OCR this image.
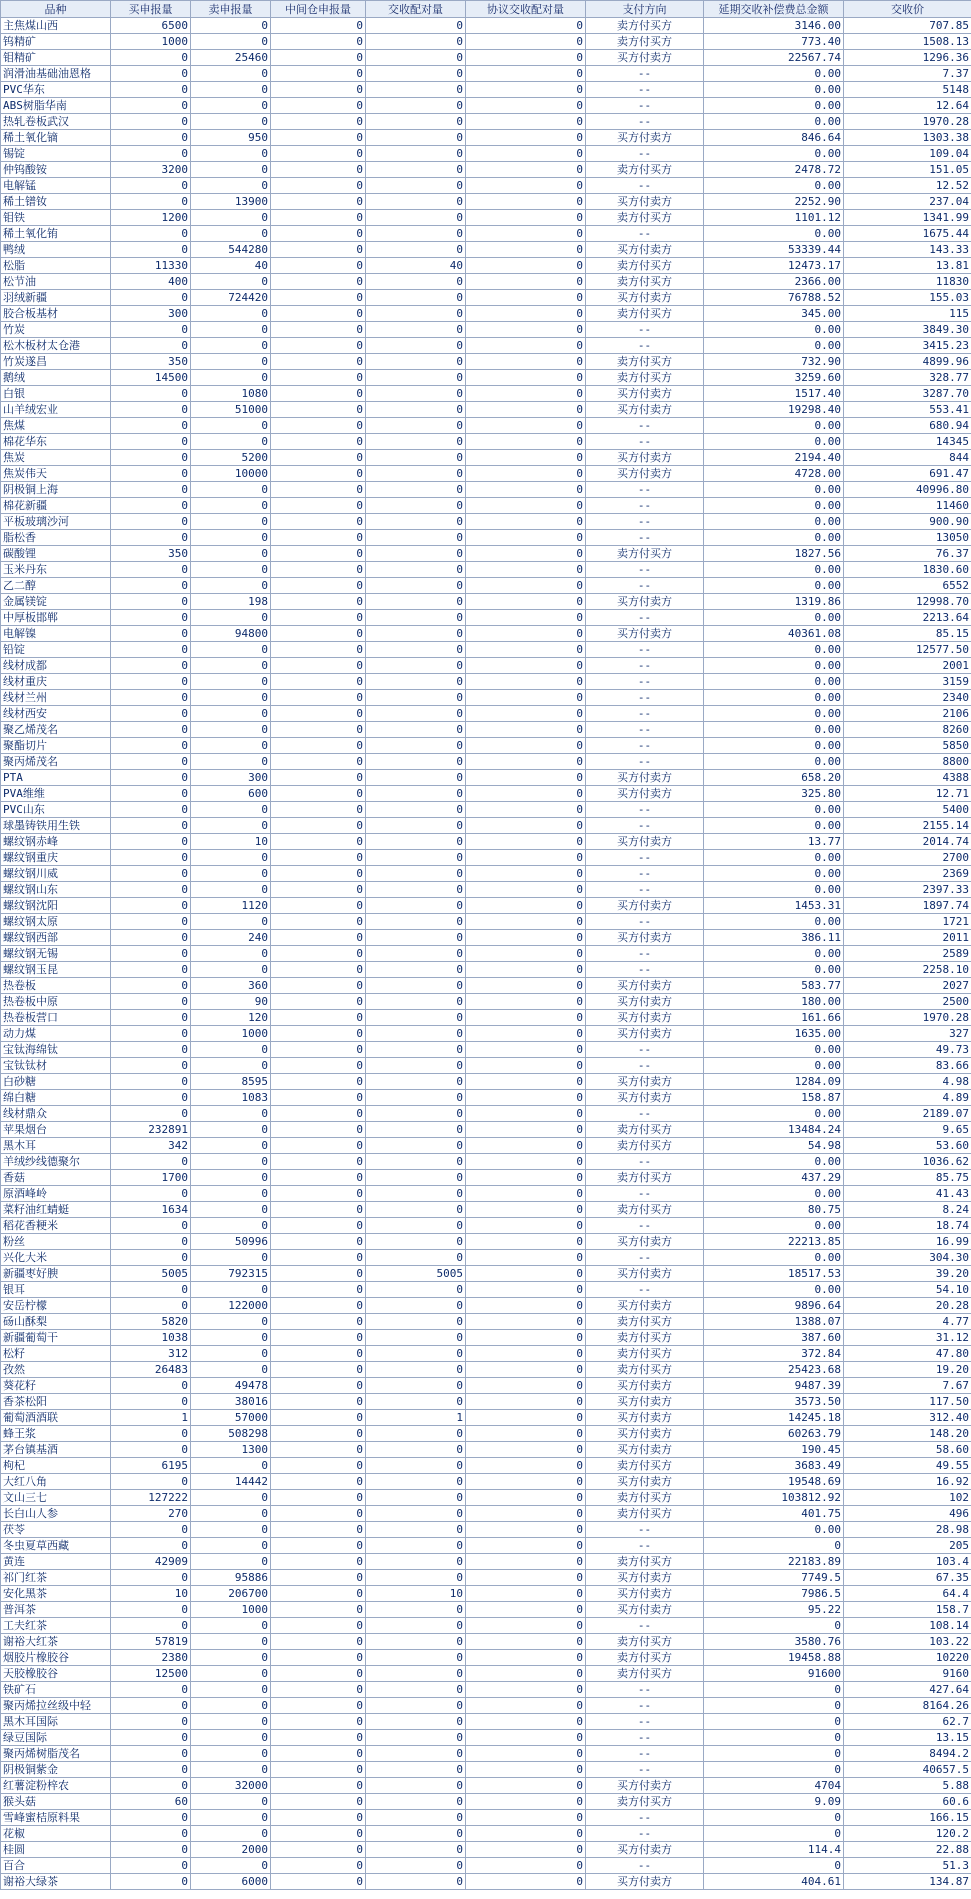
品种	买申报量	卖申报量	中间仓申报量	交收配对量	协议交收配对量	支付方向	延期交收补偿费总金额	交收价
主焦煤山西	6500	0	0	0	0	卖方付买方	3146.00	707.85
钨精矿	1000	0	0	0	0	卖方付买方	773.40	1508.13
钼精矿	0	25460	0	0	0	买方付卖方	22567.74	1296.36
润滑油基础油恩格	0	0	0	0	0	--	0.00	7.37
PVC华东	0	0	0	0	0	--	0.00	5148
ABS树脂华南	0	0	0	0	0	--	0.00	12.64
热轧卷板武汉	0	0	0	0	0	--	0.00	1970.28
稀土氧化镝	0	950	0	0	0	买方付卖方	846.64	1303.38
锡锭	0	0	0	0	0	--	0.00	109.04
仲钨酸铵	3200	0	0	0	0	卖方付买方	2478.72	151.05
电解锰	0	0	0	0	0	--	0.00	12.52
稀土镨钕	0	13900	0	0	0	买方付卖方	2252.90	237.04
钼铁	1200	0	0	0	0	卖方付买方	1101.12	1341.99
稀土氧化铕	0	0	0	0	0	--	0.00	1675.44
鸭绒	0	544280	0	0	0	买方付卖方	53339.44	143.33
松脂	11330	40	0	40	0	卖方付买方	12473.17	13.81
松节油	400	0	0	0	0	卖方付买方	2366.00	11830
羽绒新疆	0	724420	0	0	0	买方付卖方	76788.52	155.03
胶合板基材	300	0	0	0	0	卖方付买方	345.00	115
竹炭	0	0	0	0	0	--	0.00	3849.30
松木板材太仓港	0	0	0	0	0	--	0.00	3415.23
竹炭遂昌	350	0	0	0	0	卖方付买方	732.90	4899.96
鹅绒	14500	0	0	0	0	卖方付买方	3259.60	328.77
白银	0	1080	0	0	0	买方付卖方	1517.40	3287.70
山羊绒宏业	0	51000	0	0	0	买方付卖方	19298.40	553.41
焦煤	0	0	0	0	0	--	0.00	680.94
棉花华东	0	0	0	0	0	--	0.00	14345
焦炭	0	5200	0	0	0	买方付卖方	2194.40	844
焦炭伟天	0	10000	0	0	0	买方付卖方	4728.00	691.47
阴极铜上海	0	0	0	0	0	--	0.00	40996.80
棉花新疆	0	0	0	0	0	--	0.00	11460
平板玻璃沙河	0	0	0	0	0	--	0.00	900.90
脂松香	0	0	0	0	0	--	0.00	13050
碳酸锂	350	0	0	0	0	卖方付买方	1827.56	76.37
玉米丹东	0	0	0	0	0	--	0.00	1830.60
乙二醇	0	0	0	0	0	--	0.00	6552
金属镁锭	0	198	0	0	0	买方付卖方	1319.86	12998.70
中厚板邯郸	0	0	0	0	0	--	0.00	2213.64
电解镍	0	94800	0	0	0	买方付卖方	40361.08	85.15
铅锭	0	0	0	0	0	--	0.00	12577.50
线材成都	0	0	0	0	0	--	0.00	2001
线材重庆	0	0	0	0	0	--	0.00	3159
线材兰州	0	0	0	0	0	--	0.00	2340
线材西安	0	0	0	0	0	--	0.00	2106
聚乙烯茂名	0	0	0	0	0	--	0.00	8260
聚酯切片	0	0	0	0	0	--	0.00	5850
聚丙烯茂名	0	0	0	0	0	--	0.00	8800
PTA	0	300	0	0	0	买方付卖方	658.20	4388
PVA维维	0	600	0	0	0	买方付卖方	325.80	12.71
PVC山东	0	0	0	0	0	--	0.00	5400
球墨铸铁用生铁	0	0	0	0	0	--	0.00	2155.14
螺纹钢赤峰	0	10	0	0	0	买方付卖方	13.77	2014.74
螺纹钢重庆	0	0	0	0	0	--	0.00	2700
螺纹钢川威	0	0	0	0	0	--	0.00	2369
螺纹钢山东	0	0	0	0	0	--	0.00	2397.33
螺纹钢沈阳	0	1120	0	0	0	买方付卖方	1453.31	1897.74
螺纹钢太原	0	0	0	0	0	--	0.00	1721
螺纹钢西部	0	240	0	0	0	买方付卖方	386.11	2011
螺纹钢无锡	0	0	0	0	0	--	0.00	2589
螺纹钢玉昆	0	0	0	0	0	--	0.00	2258.10
热卷板	0	360	0	0	0	买方付卖方	583.77	2027
热卷板中原	0	90	0	0	0	买方付卖方	180.00	2500
热卷板营口	0	120	0	0	0	买方付卖方	161.66	1970.28
动力煤	0	1000	0	0	0	买方付卖方	1635.00	327
宝钛海绵钛	0	0	0	0	0	--	0.00	49.73
宝钛钛材	0	0	0	0	0	--	0.00	83.66
白砂糖	0	8595	0	0	0	买方付卖方	1284.09	4.98
绵白糖	0	1083	0	0	0	买方付卖方	158.87	4.89
线材鼎众	0	0	0	0	0	--	0.00	2189.07
苹果烟台	232891	0	0	0	0	卖方付买方	13484.24	9.65
黑木耳	342	0	0	0	0	卖方付买方	54.98	53.60
羊绒纱线德聚尔	0	0	0	0	0	--	0.00	1036.62
香菇	1700	0	0	0	0	卖方付买方	437.29	85.75
原酒峰岭	0	0	0	0	0	--	0.00	41.43
菜籽油红蜻蜓	1634	0	0	0	0	卖方付买方	80.75	8.24
稻花香粳米	0	0	0	0	0	--	0.00	18.74
粉丝	0	50996	0	0	0	买方付卖方	22213.85	16.99
兴化大米	0	0	0	0	0	--	0.00	304.30
新疆枣好腴	5005	792315	0	5005	0	买方付卖方	18517.53	39.20
银耳	0	0	0	0	0	--	0.00	54.10
安岳柠檬	0	122000	0	0	0	买方付卖方	9896.64	20.28
砀山酥梨	5820	0	0	0	0	卖方付买方	1388.07	4.77
新疆葡萄干	1038	0	0	0	0	卖方付买方	387.60	31.12
松籽	312	0	0	0	0	卖方付买方	372.84	47.80
孜然	26483	0	0	0	0	卖方付买方	25423.68	19.20
葵花籽	0	49478	0	0	0	买方付卖方	9487.39	7.67
香茶松阳	0	38016	0	0	0	买方付卖方	3573.50	117.50
葡萄酒酒联	1	57000	0	1	0	买方付卖方	14245.18	312.40
蜂王浆	0	508298	0	0	0	买方付卖方	60263.79	148.20
茅台镇基酒	0	1300	0	0	0	买方付卖方	190.45	58.60
枸杞	6195	0	0	0	0	卖方付买方	3683.49	49.55
大红八角	0	14442	0	0	0	买方付卖方	19548.69	16.92
文山三七	127222	0	0	0	0	卖方付买方	103812.92	102
长白山人参	270	0	0	0	0	卖方付买方	401.75	496
茯苓	0	0	0	0	0	--	0.00	28.98
冬虫夏草西藏	0	0	0	0	0	--	0	205
黄连	42909	0	0	0	0	卖方付买方	22183.89	103.4
祁门红茶	0	95886	0	0	0	买方付卖方	7749.5	67.35
安化黑茶	10	206700	0	10	0	买方付卖方	7986.5	64.4
普洱茶	0	1000	0	0	0	买方付卖方	95.22	158.7
工夫红茶	0	0	0	0	0	--	0	108.14
谢裕大红茶	57819	0	0	0	0	卖方付买方	3580.76	103.22
烟胶片橡胶谷	2380	0	0	0	0	卖方付买方	19458.88	10220
天胶橡胶谷	12500	0	0	0	0	卖方付买方	91600	9160
铁矿石	0	0	0	0	0	--	0	427.64
聚丙烯拉丝级中轻	0	0	0	0	0	--	0	8164.26
黑木耳国际	0	0	0	0	0	--	0	62.7
绿豆国际	0	0	0	0	0	--	0	13.15
聚丙烯树脂茂名	0	0	0	0	0	--	0	8494.2
阴极铜紫金	0	0	0	0	0	--	0	40657.5
红薯淀粉梓农	0	32000	0	0	0	买方付卖方	4704	5.88
猴头菇	60	0	0	0	0	卖方付买方	9.09	60.6
雪峰蜜桔原料果	0	0	0	0	0	--	0	166.15
花椒	0	0	0	0	0	--	0	120.2
桂圆	0	2000	0	0	0	买方付卖方	114.4	22.88
百合	0	0	0	0	0	--	0	51.3
谢裕大绿茶	0	6000	0	0	0	买方付卖方	404.61	134.87
